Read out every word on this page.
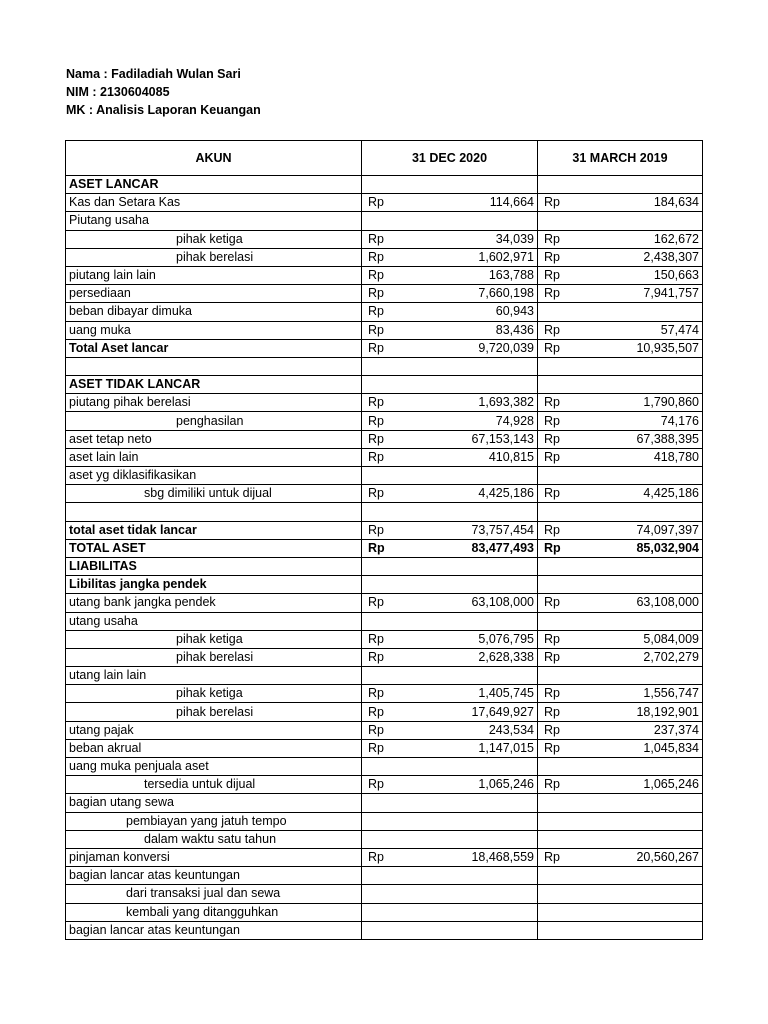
Nama : Fadiladiah Wulan Sari
NIM : 2130604085
MK : Analisis Laporan Keuangan
AKUN	31 DEC 2020	31 MARCH 2019
ASET LANCAR		
Kas dan Setara Kas	Rp 114,664	Rp 184,634

Piutang usaha		
pihak ketiga	Rp 34,039	Rp 162,672

pihak berelasi	Rp 1,602,971	Rp 2,438,307

piutang lain lain	Rp 163,788	Rp 150,663

persediaan	Rp 7,660,198	Rp 7,941,757

beban dibayar dimuka	Rp 60,943	

uang muka	Rp 83,436	Rp 57,474

Total Aset lancar	Rp 9,720,039	Rp 10,935,507

ASET TIDAK LANCAR		
piutang pihak berelasi	Rp 1,693,382	Rp 1,790,860

penghasilan	Rp 74,928	Rp 74,176

aset tetap neto	Rp 67,153,143	Rp 67,388,395

aset lain lain	Rp 410,815	Rp 418,780

aset yg diklasifikasikan		
sbg dimiliki untuk dijual	Rp 4,425,186	Rp 4,425,186

total aset tidak lancar	Rp 73,757,454	Rp 74,097,397

TOTAL ASET	Rp 83,477,493	Rp 85,032,904

LIABILITAS		
Libilitas jangka pendek		
utang bank jangka pendek	Rp 63,108,000	Rp 63,108,000

utang usaha		
pihak ketiga	Rp 5,076,795	Rp 5,084,009

pihak berelasi	Rp 2,628,338	Rp 2,702,279

utang lain lain		
pihak ketiga	Rp 1,405,745	Rp 1,556,747

pihak berelasi	Rp 17,649,927	Rp 18,192,901

utang pajak	Rp 243,534	Rp 237,374

beban akrual	Rp 1,147,015	Rp 1,045,834

uang muka penjuala aset		
tersedia untuk dijual	Rp 1,065,246	Rp 1,065,246

bagian utang sewa		
pembiayan yang jatuh tempo		
dalam waktu satu tahun		
pinjaman konversi	Rp 18,468,559	Rp 20,560,267

bagian lancar atas keuntungan		
dari transaksi jual dan sewa		
kembali yang ditangguhkan		
bagian lancar atas keuntungan		
